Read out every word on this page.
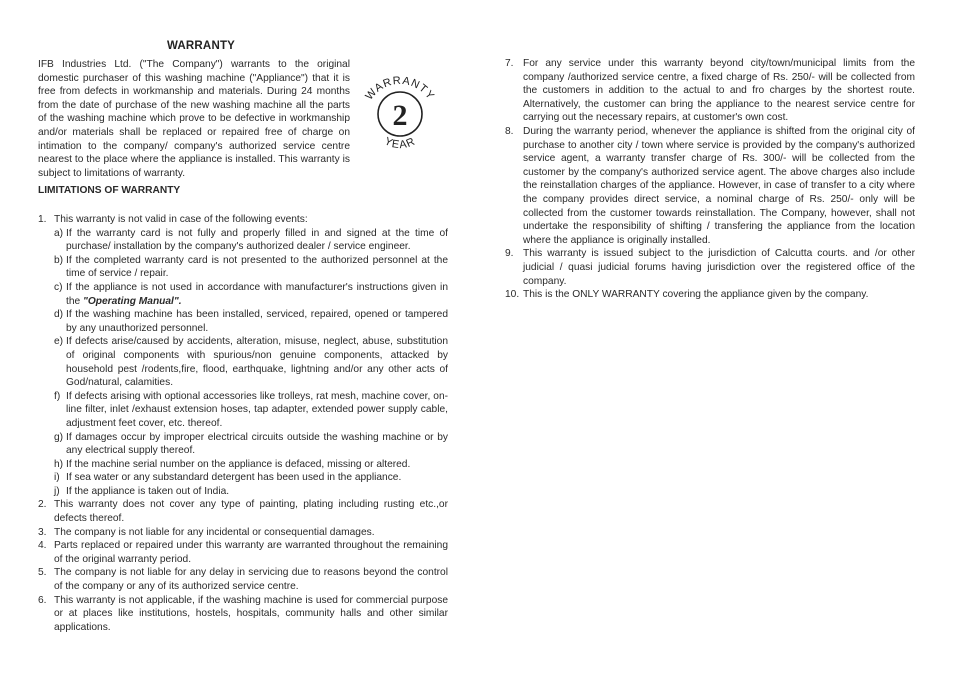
WARRANTY
IFB Industries Ltd. ("The Company") warrants to the original domestic purchaser of this washing machine ("Appliance") that it is free from defects in workmanship and materials. During 24 months from the date of purchase of the new washing machine all the parts of the washing machine which prove to be defective in workmanship and/or materials shall be replaced or repaired free of charge on intimation to the company/ company's authorized service centre nearest to the place where the appliance is installed. This warranty is subject to limitations of warranty.
WARRANTY
2
YEAR
LIMITATIONS OF WARRANTY
1. This warranty is not valid in case of the following events:
a) If the warranty card is not fully and properly filled in and signed at the time of purchase/ installation by the company's authorized dealer / service engineer.
b) If the completed warranty card is not presented to the authorized personnel at the time of service / repair.
c) If the appliance is not used in accordance with manufacturer's instructions given in the "Operating Manual".
d) If the washing machine has been installed, serviced, repaired, opened or tampered by any unauthorized personnel.
e) If defects arise/caused by accidents, alteration, misuse, neglect, abuse, substitution of original components with spurious/non genuine components, attacked by household pest /rodents,fire, flood, earthquake, lightning and/or any other acts of God/natural, calamities.
f) If defects arising with optional accessories like trolleys, rat mesh, machine cover, on-line filter, inlet /exhaust extension hoses, tap adapter, extended power supply cable, adjustment feet cover, etc. thereof.
g) If damages occur by improper electrical circuits outside the washing machine or by any electrical supply thereof.
h) If the machine serial number on the appliance is defaced, missing or altered.
i) If sea water or any substandard detergent has been used in the appliance.
j) If the appliance is taken out of India.
2. This warranty does not cover any type of painting, plating including rusting etc.,or defects thereof.
3. The company is not liable for any incidental or consequential damages.
4. Parts replaced or repaired under this warranty are warranted throughout the remaining of the original warranty period.
5. The company is not liable for any delay in servicing due to reasons beyond the control of the company or any of its authorized service centre.
6. This warranty is not applicable, if the washing machine is used for commercial purpose or at places like institutions, hostels, hospitals, community halls and other similar applications.
7. For any service under this warranty beyond city/town/municipal limits from the company /authorized service centre, a fixed charge of Rs. 250/- will be collected from the customers in addition to the actual to and fro charges by the shortest route. Alternatively, the customer can bring the appliance to the nearest service centre for carrying out the necessary repairs, at customer's own cost.
8. During the warranty period, whenever the appliance is shifted from the original city of purchase to another city / town where service is provided by the company's authorized service agent, a warranty transfer charge of Rs. 300/- will be collected from the customer by the company's authorized service agent. The above charges also include the reinstallation charges of the appliance. However, in case of transfer to a city where the company provides direct service, a nominal charge of Rs. 250/- only will be collected from the customer towards reinstallation. The Company, however, shall not undertake the responsibility of shifting / transfering the appliance from the location where the appliance is originally installed.
9. This warranty is issued subject to the jurisdiction of Calcutta courts. and /or other judicial / quasi judicial forums having jurisdiction over the registered office of the company.
10. This is the ONLY WARRANTY covering the appliance given by the company.
